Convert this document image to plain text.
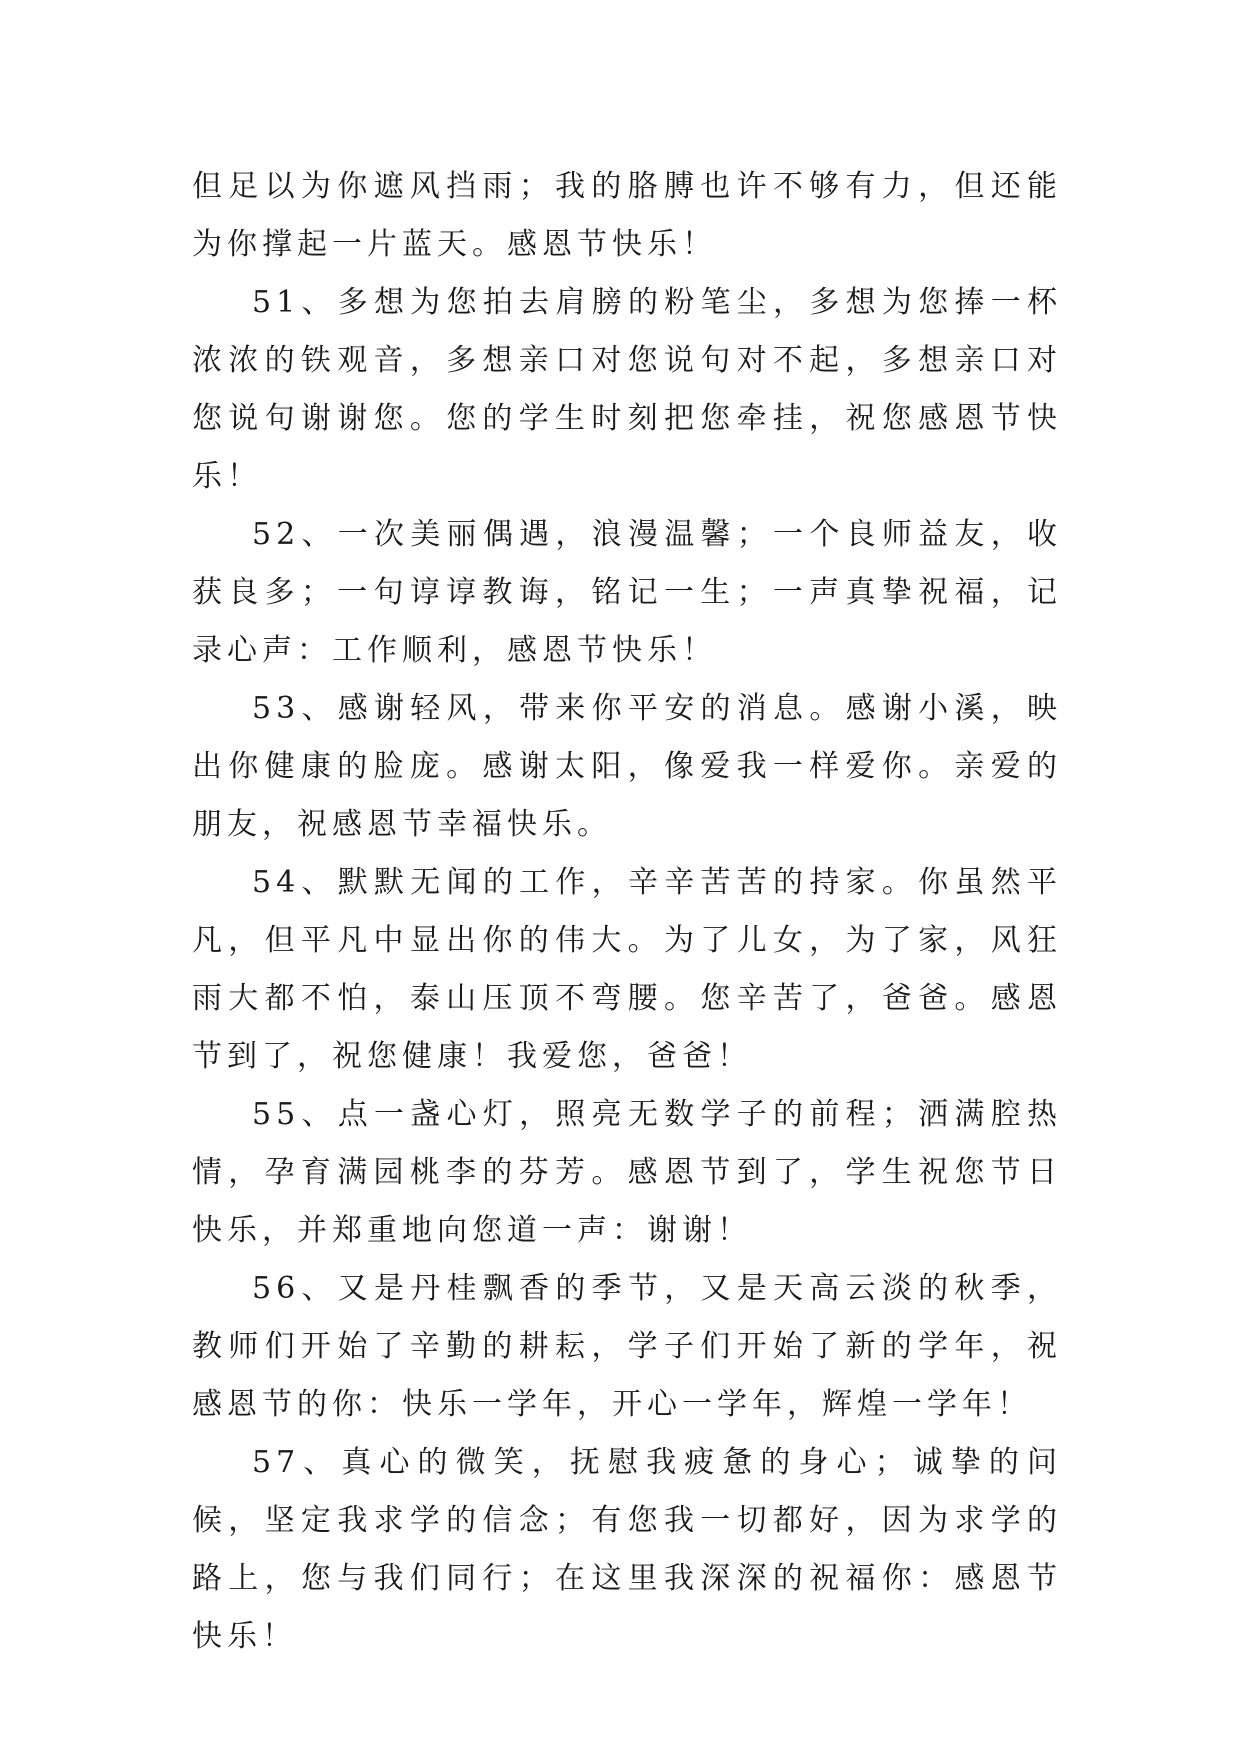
但足以为你遮风挡雨；我的胳膊也许不够有力，但还能为你撑起一片蓝天。感恩节快乐！

51、多想为您拍去肩膀的粉笔尘，多想为您捧一杯浓浓的铁观音，多想亲口对您说句对不起，多想亲口对您说句谢谢您。您的学生时刻把您牵挂，祝您感恩节快乐！

52、一次美丽偶遇，浪漫温馨；一个良师益友，收获良多；一句谆谆教诲，铭记一生；一声真挚祝福，记录心声：工作顺利，感恩节快乐！

53、感谢轻风，带来你平安的消息。感谢小溪，映出你健康的脸庞。感谢太阳，像爱我一样爱你。亲爱的朋友，祝感恩节幸福快乐。

54、默默无闻的工作，辛辛苦苦的持家。你虽然平凡，但平凡中显出你的伟大。为了儿女，为了家，风狂雨大都不怕，泰山压顶不弯腰。您辛苦了，爸爸。感恩节到了，祝您健康！我爱您，爸爸！

55、点一盏心灯，照亮无数学子的前程；洒满腔热情，孕育满园桃李的芬芳。感恩节到了，学生祝您节日快乐，并郑重地向您道一声：谢谢！

56、又是丹桂飘香的季节，又是天高云淡的秋季，教师们开始了辛勤的耕耘，学子们开始了新的学年，祝感恩节的你：快乐一学年，开心一学年，辉煌一学年！

57、真心的微笑，抚慰我疲惫的身心；诚挚的问候，坚定我求学的信念；有您我一切都好，因为求学的路上，您与我们同行；在这里我深深的祝福你：感恩节快乐！
